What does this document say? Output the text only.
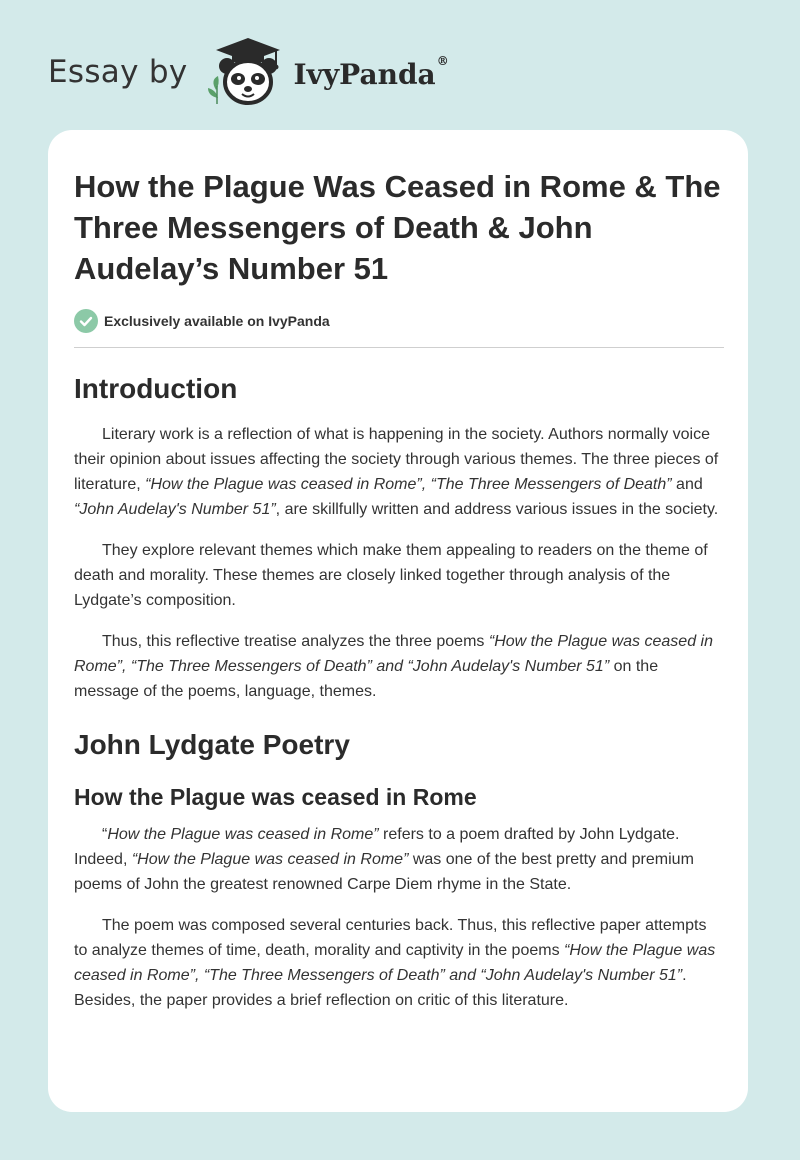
Essay by	IvyPanda®
How the Plague Was Ceased in Rome & The Three Messengers of Death & John Audelay’s Number 51
Exclusively available on IvyPanda
Introduction

Literary work is a reflection of what is happening in the society. Authors normally voice their opinion about issues affecting the society through various themes. The three pieces of literature, “How the Plague was ceased in Rome”, “The Three Messengers of Death” and “John Audelay's Number 51”, are skillfully written and address various issues in the society.

They explore relevant themes which make them appealing to readers on the theme of death and morality. These themes are closely linked together through analysis of the Lydgate’s composition.

Thus, this reflective treatise analyzes the three poems “How the Plague was ceased in Rome”, “The Three Messengers of Death” and “John Audelay's Number 51” on the message of the poems, language, themes.

John Lydgate Poetry
How the Plague was ceased in Rome

“How the Plague was ceased in Rome” refers to a poem drafted by John Lydgate. Indeed, “How the Plague was ceased in Rome” was one of the best pretty and premium poems of John the greatest renowned Carpe Diem rhyme in the State.

The poem was composed several centuries back. Thus, this reflective paper attempts to analyze themes of time, death, morality and captivity in the poems “How the Plague was ceased in Rome”, “The Three Messengers of Death” and “John Audelay's Number 51”. Besides, the paper provides a brief reflection on critic of this literature.
